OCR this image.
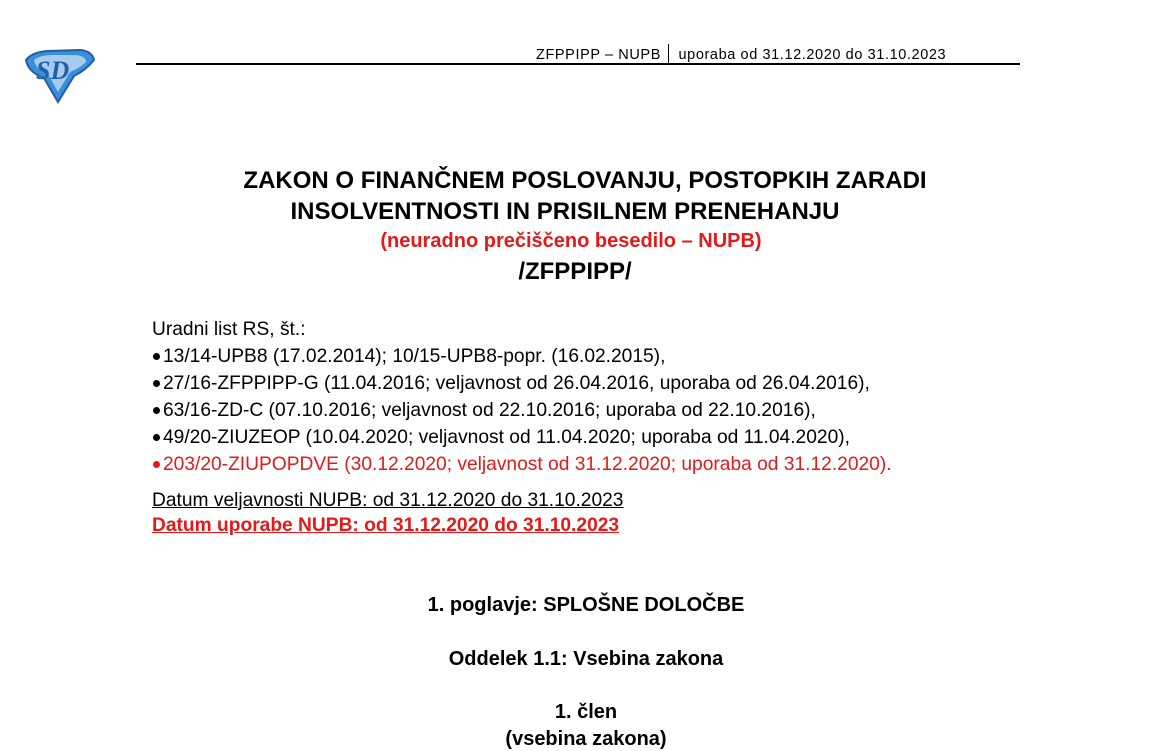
SD
ZFPPIPP – NUPB uporaba od 31.12.2020 do 31.10.2023
ZAKON O FINANČNEM POSLOVANJU, POSTOPKIH ZARADI
INSOLVENTNOSTI IN PRISILNEM PRENEHANJU
(neuradno prečiščeno besedilo – NUPB)
/ZFPPIPP/
Uradni list RS, št.:
13/14-UPB8 (17.02.2014); 10/15-UPB8-popr. (16.02.2015),
27/16-ZFPPIPP-G (11.04.2016; veljavnost od 26.04.2016, uporaba od 26.04.2016),
63/16-ZD-C (07.10.2016; veljavnost od 22.10.2016; uporaba od 22.10.2016),
49/20-ZIUZEOP (10.04.2020; veljavnost od 11.04.2020; uporaba od 11.04.2020),
203/20-ZIUPOPDVE (30.12.2020; veljavnost od 31.12.2020; uporaba od 31.12.2020).
Datum veljavnosti NUPB: od 31.12.2020 do 31.10.2023
Datum uporabe NUPB: od 31.12.2020 do 31.10.2023
1. poglavje: SPLOŠNE DOLOČBE
Oddelek 1.1: Vsebina zakona
1. člen
(vsebina zakona)
